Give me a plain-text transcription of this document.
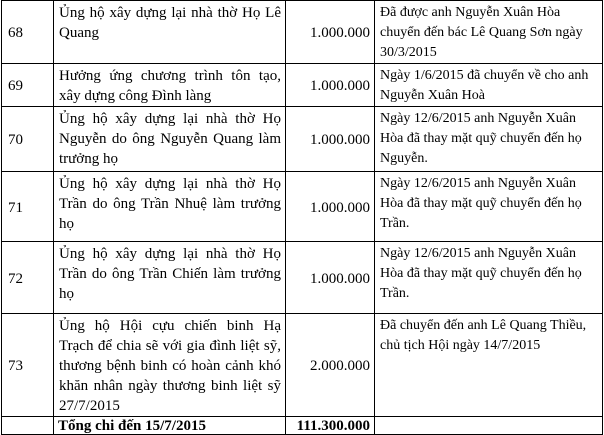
68	Ủng hộ xây dựng lại nhà thờ Họ Lê Quang	1.000.000	Đã được anh Nguyễn Xuân Hòa chuyển đến bác Lê Quang Sơn ngày 30/3/2015
69	Hưởng ứng chương trình tôn tạo, xây dựng công Đình làng	1.000.000	Ngày 1/6/2015 đã chuyển về cho anh Nguyễn Xuân Hoà
70	Ủng hộ xây dựng lại nhà thờ Họ Nguyễn do ông Nguyễn Quang làm trưởng họ	1.000.000	Ngày 12/6/2015 anh Nguyễn Xuân Hòa đã thay mặt quỹ chuyển đến họ Nguyễn.
71	Ủng hộ xây dựng lại nhà thờ Họ Trần do ông Trần Nhuệ làm trưởng họ	1.000.000	Ngày 12/6/2015 anh Nguyễn Xuân Hòa đã thay mặt quỹ chuyển đến họ Trần.
72	Ủng hộ xây dựng lại nhà thờ Họ Trần do ông Trần Chiến làm trưởng họ	1.000.000	Ngày 12/6/2015 anh Nguyễn Xuân Hòa đã thay mặt quỹ chuyển đến họ Trần.
73	Ủng hộ Hội cựu chiến binh Hạ Trạch để chia sẽ với gia đình liệt sỹ, thương bệnh binh có hoàn cảnh khó khăn nhân ngày thương binh liệt sỹ 27/7/2015	2.000.000	Đã chuyển đến anh Lê Quang Thiều, chủ tịch Hội ngày 14/7/2015
	Tổng chi đến 15/7/2015	111.300.000	
